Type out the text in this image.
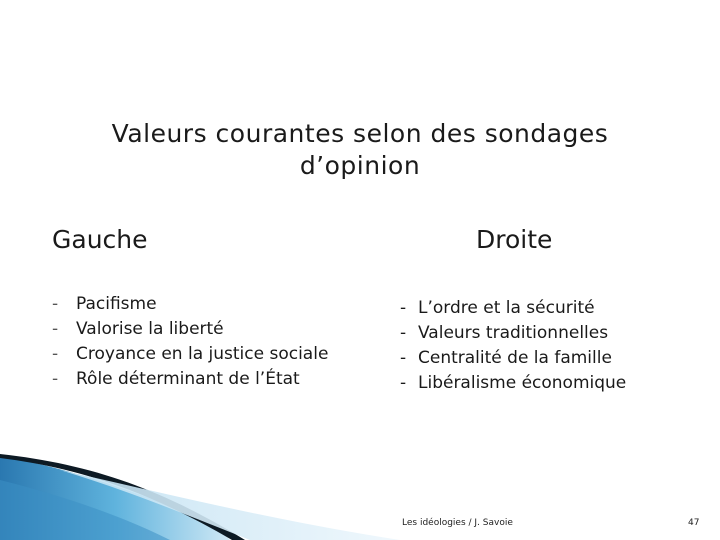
Valeurs courantes selon des sondages d’opinion
Gauche	Droite
- Pacifisme
- Valorise la liberté
- Croyance en la justice sociale
- Rôle déterminant de l’État
- L’ordre et la sécurité
- Valeurs traditionnelles
- Centralité de la famille
- Libéralisme économique
Les idéologies / J. Savoie	47
